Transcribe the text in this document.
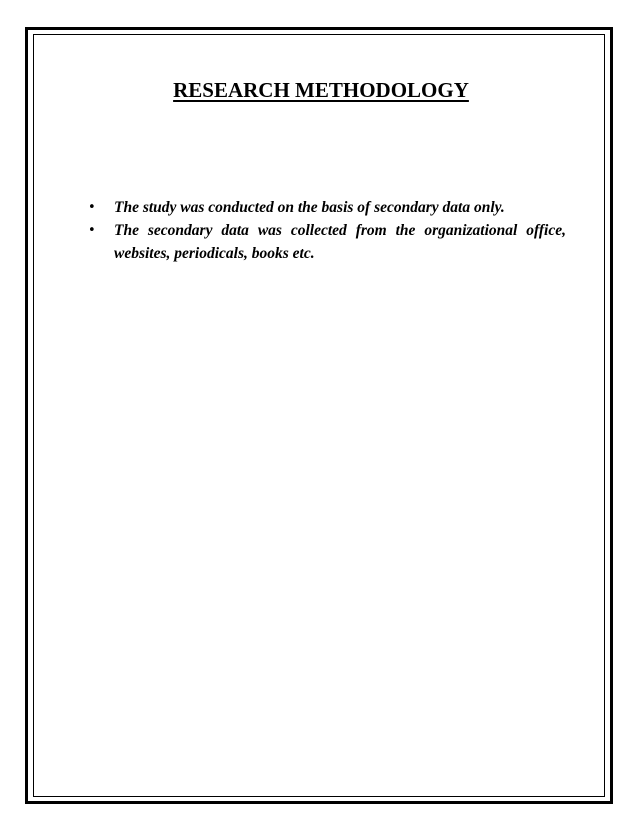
RESEARCH METHODOLOGY
• The study was conducted on the basis of secondary data only.
• The secondary data was collected from the organizational office, websites, periodicals, books etc.
